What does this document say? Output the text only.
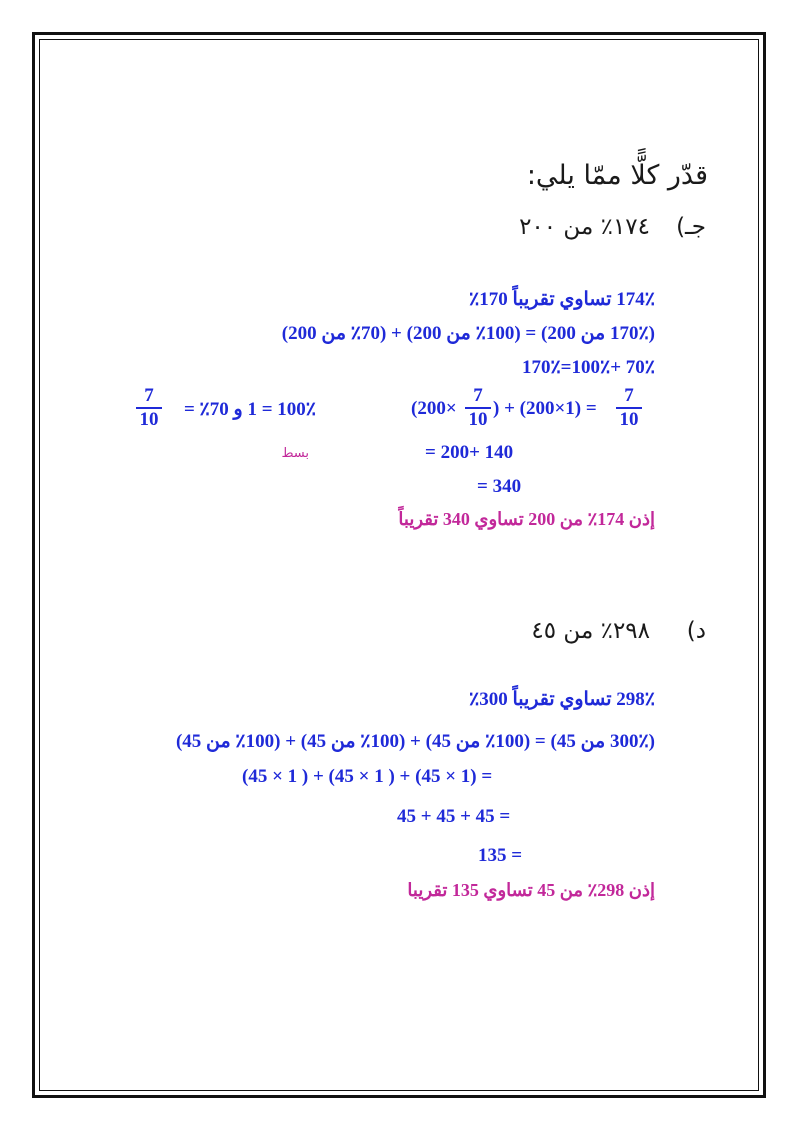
قدّر كلًّا ممّا يلي:
جـ)
١٧٤٪ من ٢٠٠
174٪ تساوي تقريباً 170٪
(170٪ من 200) = (100٪ من 200) + (70٪ من 200)
170٪=100٪+ 70٪
(200×
7
10
) + (200×1) =
7
10
7
10 100٪ = 1 و 70٪ =
= 200+ 140
بسط
= 340
إذن 174٪ من 200 تساوي 340 تقريباً
د)
٢٩٨٪ من ٤٥
298٪ تساوي تقريباً 300٪
(300٪ من 45) = (100٪ من 45) + (100٪ من 45) + (100٪ من 45)
(45 × 1 ) + (45 × 1 ) + (45 × 1) =
45 + 45 + 45 =
135 =
إذن 298٪ من 45 تساوي 135 تقريبا
